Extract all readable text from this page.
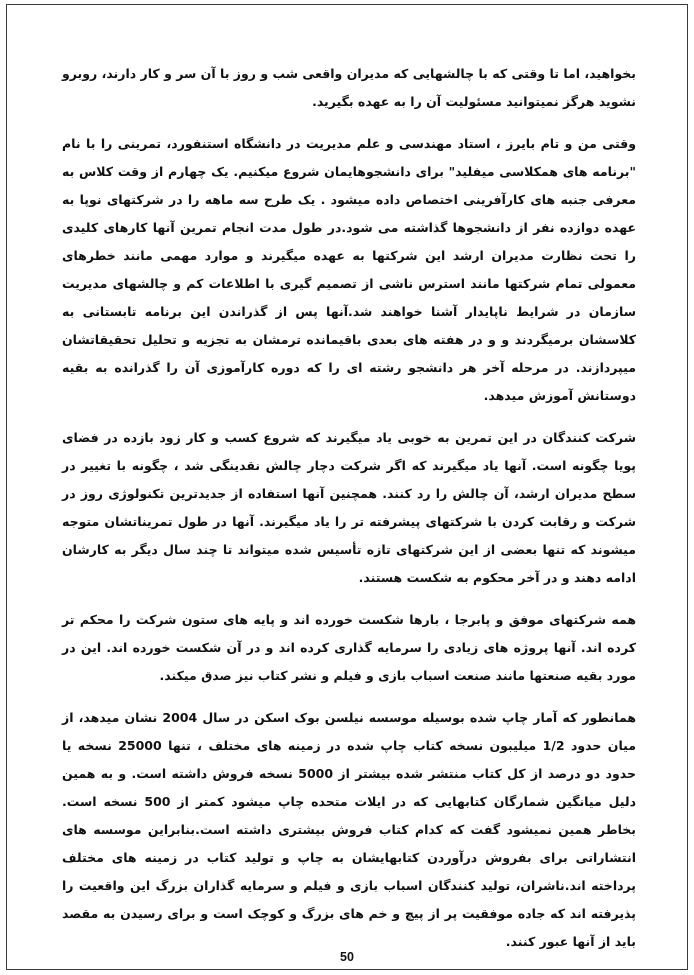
بخواهید، اما تا وقتی که با چالشهایی که مدیران واقعی شب و روز با آن سر و کار دارند، روبرو نشوید هرگز نمیتوانید مسئولیت آن را به عهده بگیرید.

وقتی من و تام بایرز ، استاد مهندسی و علم مدیریت در دانشگاه استنفورد، تمرینی را با نام "برنامه های همکلاسی میفلید" برای دانشجوهایمان شروع میکنیم. یک چهارم از وقت کلاس به معرفی جنبه های کارآفرینی اختصاص داده میشود . یک طرح سه ماهه را در شرکتهای نوپا به عهده دوازده نفر از دانشجوها گذاشته می شود.در طول مدت انجام تمرین آنها کارهای کلیدی را تحت نظارت مدیران ارشد این شرکتها به عهده میگیرند و موارد مهمی مانند خطرهای معمولی تمام شرکتها مانند استرس ناشی از تصمیم گیری با اطلاعات کم و چالشهای مدیریت سازمان در شرایط ناپایدار آشنا خواهند شد.آنها پس از گذراندن این برنامه تابستانی به کلاسشان برمیگردند و و در هفته های بعدی باقیمانده ترمشان به تجزیه و تحلیل تحقیقاتشان میپردازند. در مرحله آخر هر دانشجو رشته ای را که دوره کارآموزی آن را گذرانده به بقیه دوستانش آموزش میدهد.

شرکت کنندگان در این تمرین به خوبی یاد میگیرند که شروع کسب و کار زود بازده در فضای پویا چگونه است. آنها یاد میگیرند که اگر شرکت دچار چالش نقدینگی شد ، چگونه با تغییر در سطح مدیران ارشد، آن چالش را رد کنند. همچنین آنها استفاده از جدیدترین تکنولوژی روز در شرکت و رقابت کردن با شرکتهای پیشرفته تر را یاد میگیرند. آنها در طول تمریناتشان متوجه میشوند که تنها بعضی از این شرکتهای تازه تأسیس شده میتواند تا چند سال دیگر به کارشان ادامه دهند و در آخر محکوم به شکست هستند.

همه شرکتهای موفق و پابرجا ، بارها شکست خورده اند و پایه های ستون شرکت را محکم تر کرده اند. آنها پروژه های زیادی را سرمایه گذاری کرده اند و در آن شکست خورده اند. این در مورد بقیه صنعتها مانند صنعت اسباب بازی و فیلم و نشر کتاب نیز صدق میکند.

همانطور که آمار چاپ شده بوسیله موسسه نیلسن بوک اسکن در سال 2004 نشان میدهد، از میان حدود 1/2 میلیبون نسخه کتاب چاپ شده در زمینه های مختلف ، تنها 25000 نسخه یا حدود دو درصد از کل کتاب منتشر شده بیشتر از 5000 نسخه فروش داشته است. و به همین دلیل میانگین شمارگان کتابهایی که در ایلات متحده چاپ میشود کمتر از 500 نسخه است. بخاطر همین نمیشود گفت که کدام کتاب فروش بیشتری داشته است.بنابراین موسسه های انتشاراتی برای بفروش درآوردن کتابهایشان به چاپ و تولید کتاب در زمینه های مختلف پرداخته اند.ناشران، تولید کنندگان اسباب بازی و فیلم و سرمایه گذاران بزرگ این واقعیت را پذیرفته اند که جاده موفقیت پر از پیچ و خم های بزرگ و کوچک است و برای رسیدن به مقصد باید از آنها عبور کنند.

50
